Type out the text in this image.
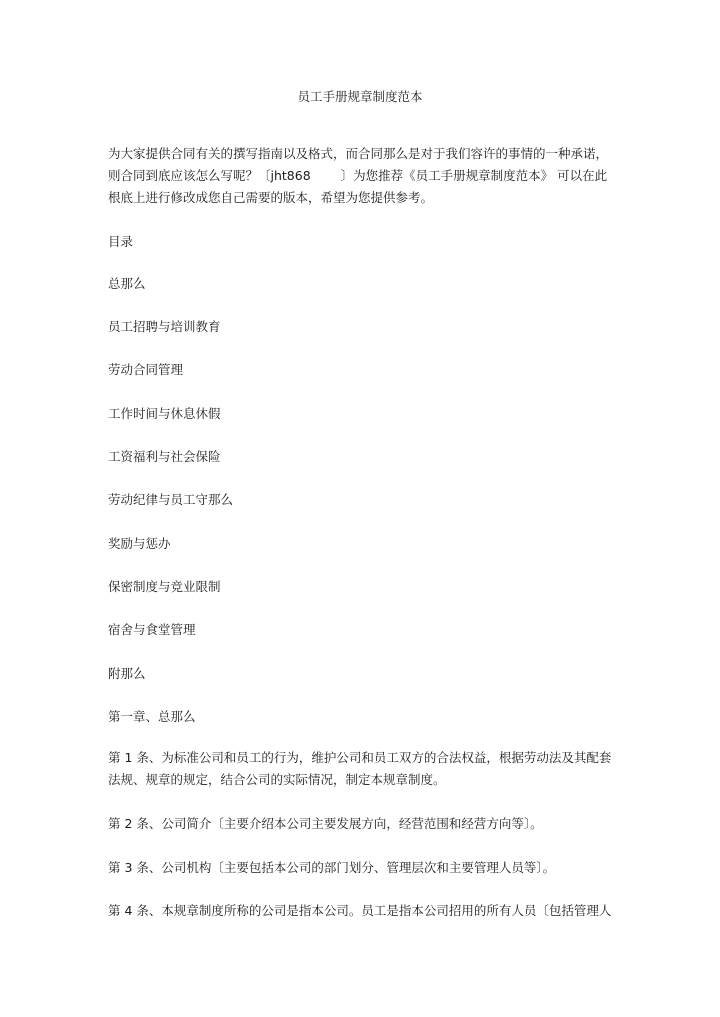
员工手册规章制度范本
为大家提供合同有关的撰写指南以及格式，而合同那么是对于我们容许的事情的一种承诺，
则合同到底应该怎么写呢？〔jht868 〕为您推荐《员工手册规章制度范本》 可以在此
根底上进行修改成您自己需要的版本，希望为您提供参考。
目录
总那么
员工招聘与培训教育
劳动合同管理
工作时间与休息休假
工资福利与社会保险
劳动纪律与员工守那么
奖励与惩办
保密制度与竞业限制
宿舍与食堂管理
附那么
第一章、总那么
第 1 条、为标准公司和员工的行为，维护公司和员工双方的合法权益，根据劳动法及其配套
法规、规章的规定，结合公司的实际情况，制定本规章制度。
第 2 条、公司简介〔主要介绍本公司主要发展方向，经营范围和经营方向等〕。
第 3 条、公司机构〔主要包括本公司的部门划分、管理层次和主要管理人员等〕。
第 4 条、本规章制度所称的公司是指本公司。员工是指本公司招用的所有人员〔包括管理人
